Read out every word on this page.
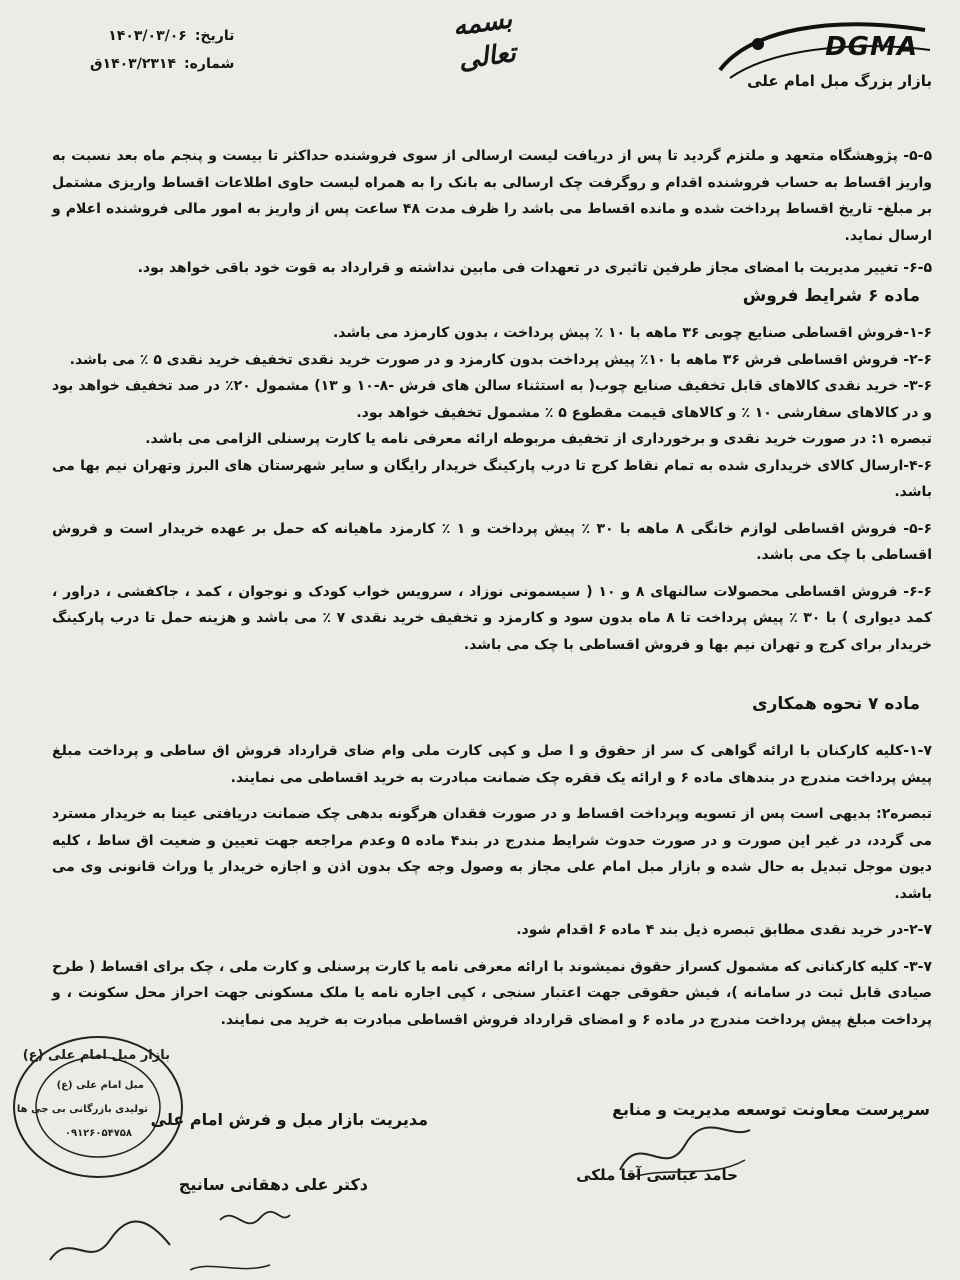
DGMA
بازار بزرگ مبل امام علی
بسمه تعالی
تاریخ:
۱۴۰۳/۰۳/۰۶
شماره:
۱۴۰۳/۲۳۱۴ق

۵-۵- پژوهشگاه متعهد و ملتزم گردید تا پس از دریافت لیست ارسالی از سوی فروشنده حداکثر تا بیست و پنجم ماه بعد نسبت به واریز اقساط به حساب فروشنده اقدام و روگرفت چک ارسالی به بانک را به همراه لیست حاوی اطلاعات اقساط واریزی مشتمل بر مبلغ- تاریخ اقساط پرداخت شده و مانده اقساط می باشد را ظرف مدت ۴۸ ساعت پس از واریز به امور مالی فروشنده اعلام و ارسال نماید.

۶-۵- تغییر مدیریت با امضای مجاز طرفین تاثیری در تعهدات فی مابین نداشته و قرارداد به قوت خود باقی خواهد بود.

ماده ۶ شرایط فروش

۱-۶-فروش اقساطی صنایع چوبی ۳۶ ماهه با ۱۰ ٪ پیش پرداخت ، بدون کارمزد می باشد.

۲-۶- فروش اقساطی فرش ۳۶ ماهه با ۱۰٪ پیش پرداخت بدون کارمزد و در صورت خرید نقدی تخفیف خرید نقدی ۵ ٪ می باشد.

۳-۶- خرید نقدی کالاهای قابل تخفیف صنایع چوب( به استثناء سالن های فرش -۸-۱۰ و ۱۳) مشمول ۲۰٪ در صد تخفیف خواهد بود و در کالاهای سفارشی ۱۰ ٪ و کالاهای قیمت مقطوع ۵ ٪ مشمول تخفیف خواهد بود.

تبصره ۱: در صورت خرید نقدی و برخورداری از تخفیف مربوطه ارائه معرفی نامه یا کارت پرسنلی الزامی می باشد.

۴-۶-ارسال کالای خریداری شده به تمام نقاط کرج تا درب پارکینگ خریدار رایگان و سایر شهرستان های البرز وتهران نیم بها می باشد.

۵-۶- فروش اقساطی لوازم خانگی ۸ ماهه با ۳۰ ٪ پیش پرداخت و ۱ ٪ کارمزد ماهیانه که حمل بر عهده خریدار است و فروش اقساطی با چک می باشد.

۶-۶- فروش اقساطی محصولات سالنهای ۸ و ۱۰ ( سیسمونی نوزاد ، سرویس خواب کودک و نوجوان ، کمد ، جاکفشی ، دراور ، کمد دیواری ) با ۳۰ ٪ پیش پرداخت تا ۸ ماه بدون سود و کارمزد و تخفیف خرید نقدی ۷ ٪ می باشد و هزینه حمل تا درب پارکینگ خریدار برای کرج و تهران نیم بها و فروش اقساطی با چک می باشد.

ماده ۷ نحوه همکاری

۱-۷-کلیه کارکنان با ارائه گواهی ک سر از حقوق و ا صل و کپی کارت ملی وام ضای قرارداد فروش اق ساطی و پرداخت مبلغ پیش پرداخت مندرج در بندهای ماده ۶ و ارائه یک فقره چک ضمانت مبادرت به خرید اقساطی می نمایند.

تبصره۲: بدیهی است پس از تسویه وپرداخت اقساط و در صورت فقدان هرگونه بدهی چک ضمانت دریافتی عینا به خریدار مسترد می گردد، در غیر این صورت و در صورت حدوث شرایط مندرج در بند۴ ماده ۵ وعدم مراجعه جهت تعیین و ضعیت اق ساط ، کلیه دیون موجل تبدیل به حال شده و بازار مبل امام علی مجاز به وصول وجه چک بدون اذن و اجازه خریدار یا وراث قانونی وی می باشد.

۲-۷-در خرید نقدی مطابق تبصره ذیل بند ۴ ماده ۶ اقدام شود.

۳-۷- کلیه کارکنانی که مشمول کسراز حقوق نمیشوند با ارائه معرفی نامه یا کارت پرسنلی و کارت ملی ، چک برای اقساط ( طرح صیادی قابل ثبت در سامانه )، فیش حقوقی جهت اعتبار سنجی ، کپی اجاره نامه یا ملک مسکونی جهت احراز محل سکونت ، و پرداخت مبلغ پیش پرداخت مندرج در ماده ۶ و امضای قرارداد فروش اقساطی مبادرت به خرید می نمایند.

سرپرست معاونت توسعه مدیریت و منابع
حامد عباسی آقا ملکی
مدیریت بازار مبل و فرش امام علی
دکتر علی دهقانی سانیج
بازار مبل امام علی (ع)
مبل امام علی (ع)
تولیدی بازرگانی بی جی ها
۰۹۱۲۶۰۵۴۷۵۸
